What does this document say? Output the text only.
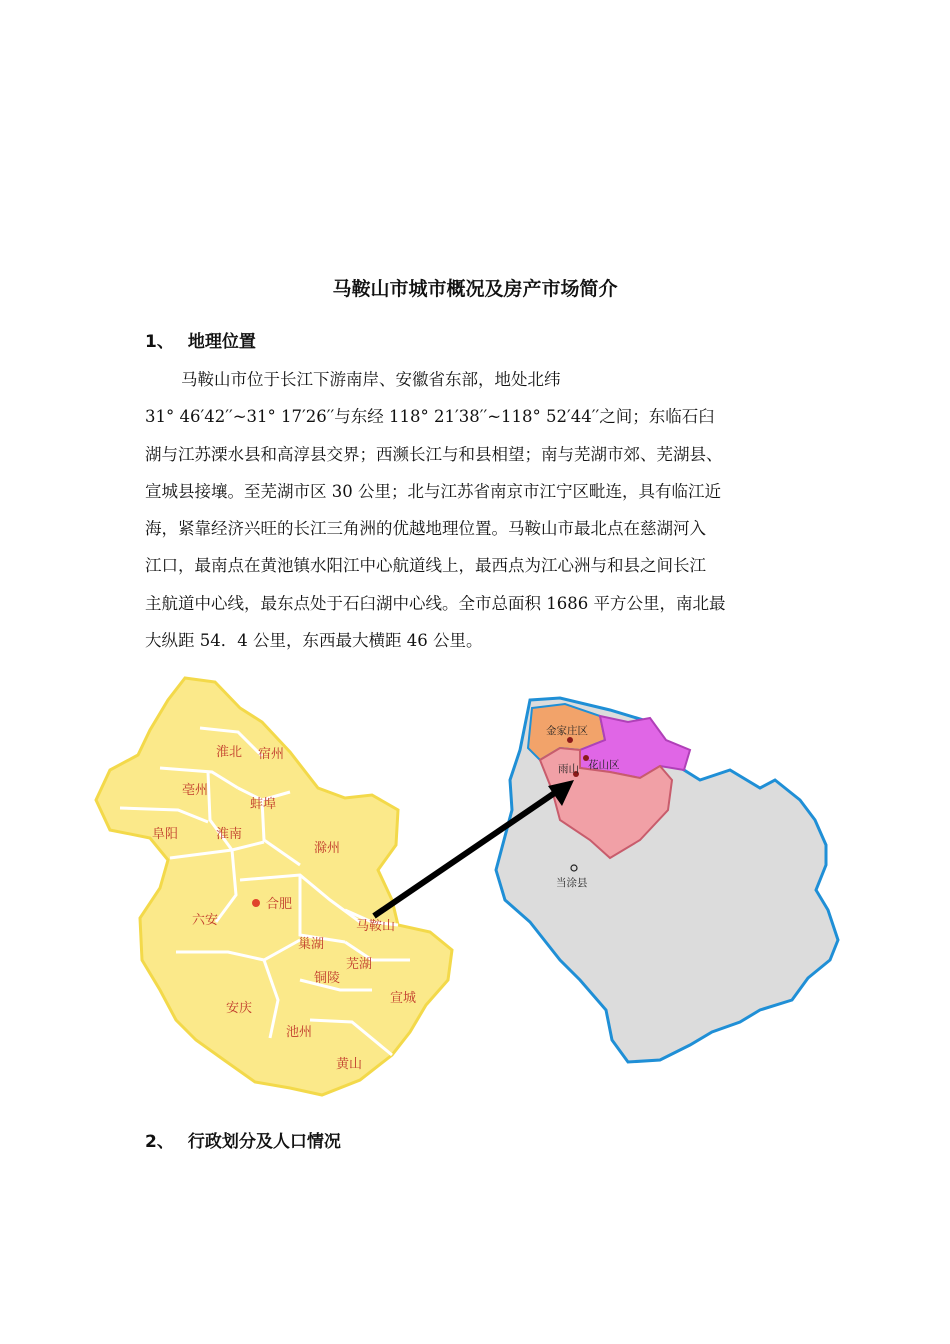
马鞍山市城市概况及房产市场简介
1、 地理位置
马鞍山市位于长江下游南岸、安徽省东部，地处北纬
31° 46′42′′~31° 17′26′′与东经 118° 21′38′′~118° 52′44′′之间；东临石臼
湖与江苏溧水县和高淳县交界；西濒长江与和县相望；南与芜湖市郊、芜湖县、
宣城县接壤。至芜湖市区 30 公里；北与江苏省南京市江宁区毗连，具有临江近
海，紧靠经济兴旺的长江三角洲的优越地理位置。马鞍山市最北点在慈湖河入
江口，最南点在黄池镇水阳江中心航道线上，最西点为江心洲与和县之间长江
主航道中心线，最东点处于石臼湖中心线。全市总面积 1686 平方公里，南北最
大纵距 54．4 公里，东西最大横距 46 公里。
淮北 宿州
亳州
蚌埠
阜阳	淮南
滁州
合肥
六安	马鞍山
巢湖
芜湖
铜陵
宣城
安庆
池州
黄山
金家庄区
花山区
雨山
当涂县
2、 行政划分及人口情况
